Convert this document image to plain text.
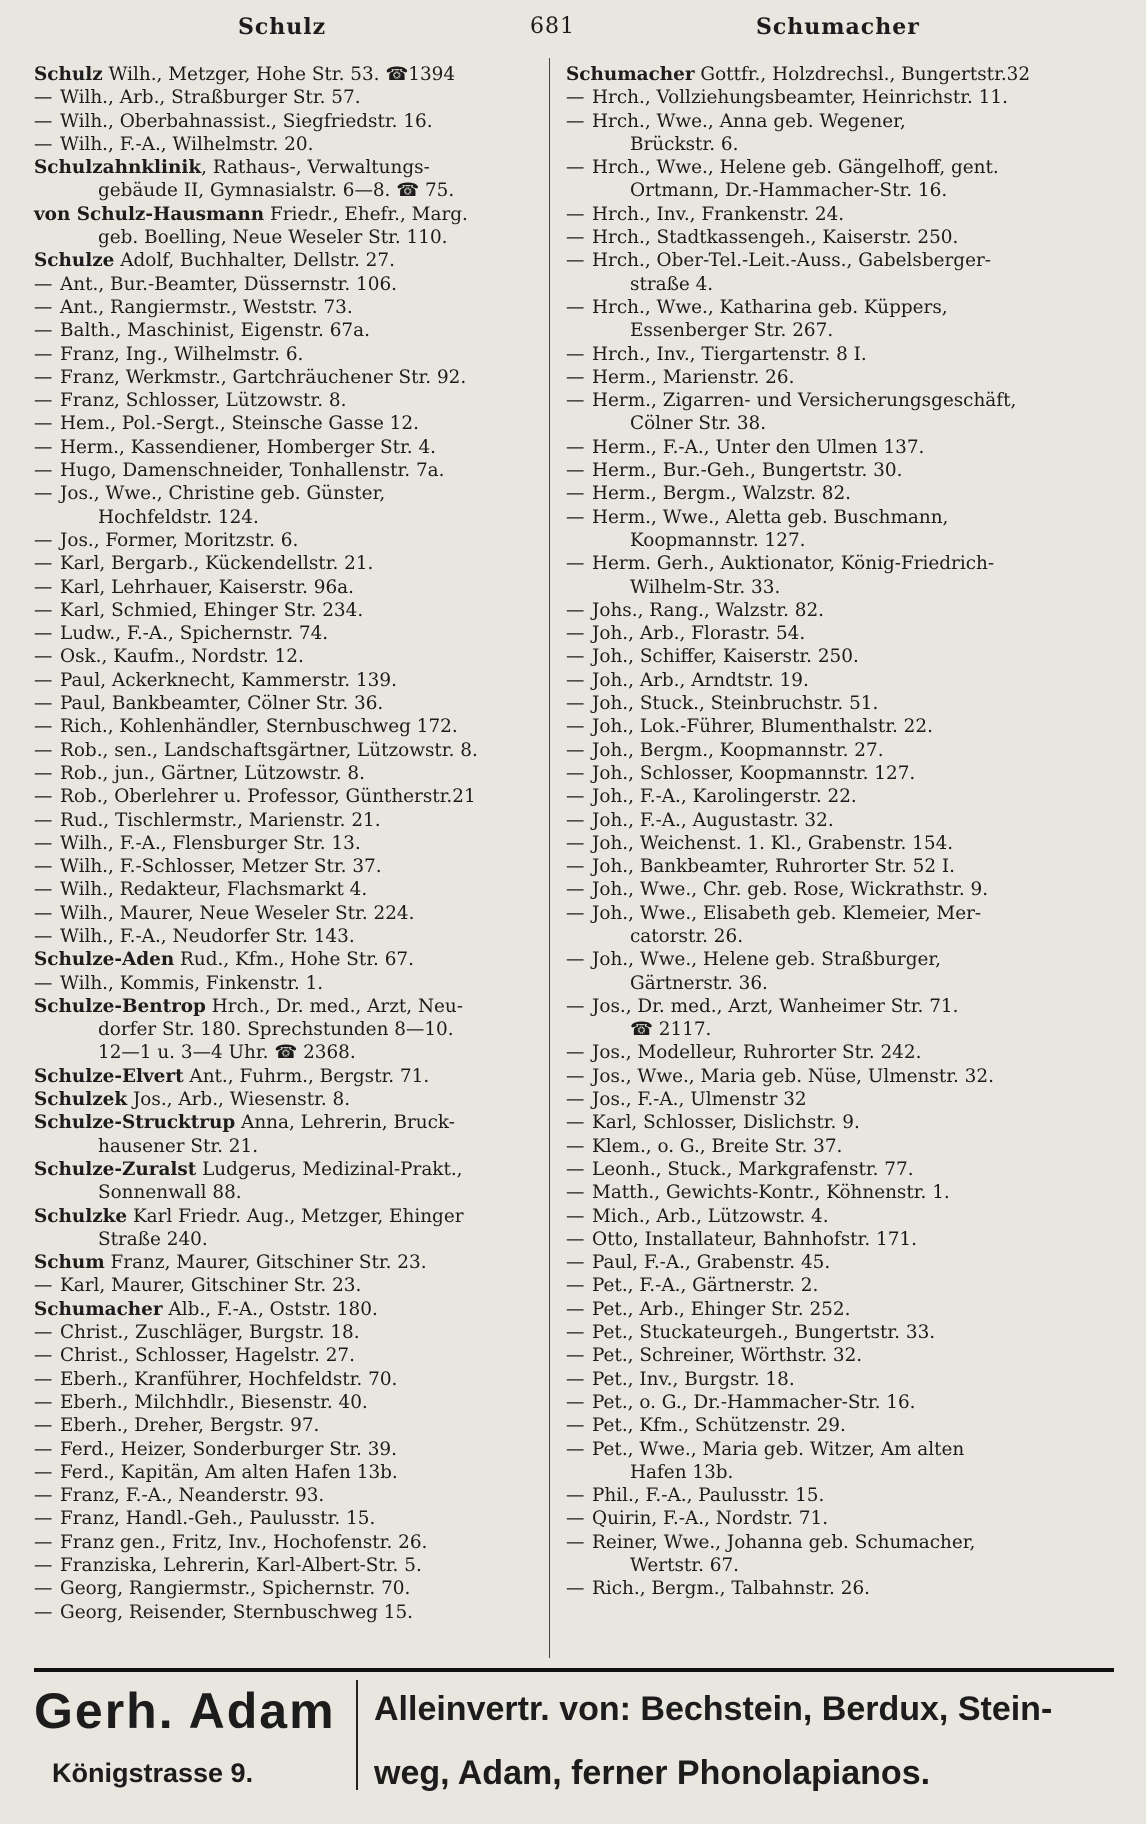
Schulz	681	Schumacher
Schulz Wilh., Metzger, Hohe Str. 53. ☎1394
— Wilh., Arb., Straßburger Str. 57.
— Wilh., Oberbahnassist., Siegfriedstr. 16.
— Wilh., F.-A., Wilhelmstr. 20.
Schulzahnklinik, Rathaus-, Verwaltungs-
gebäude II, Gymnasialstr. 6—8. ☎ 75.
von Schulz-Hausmann Friedr., Ehefr., Marg.
geb. Boelling, Neue Weseler Str. 110.
Schulze Adolf, Buchhalter, Dellstr. 27.
— Ant., Bur.-Beamter, Düssernstr. 106.
— Ant., Rangiermstr., Weststr. 73.
— Balth., Maschinist, Eigenstr. 67a.
— Franz, Ing., Wilhelmstr. 6.
— Franz, Werkmstr., Gartchräuchener Str. 92.
— Franz, Schlosser, Lützowstr. 8.
— Hem., Pol.-Sergt., Steinsche Gasse 12.
— Herm., Kassendiener, Homberger Str. 4.
— Hugo, Damenschneider, Tonhallenstr. 7a.
— Jos., Wwe., Christine geb. Günster,
Hochfeldstr. 124.
— Jos., Former, Moritzstr. 6.
— Karl, Bergarb., Kückendellstr. 21.
— Karl, Lehrhauer, Kaiserstr. 96a.
— Karl, Schmied, Ehinger Str. 234.
— Ludw., F.-A., Spichernstr. 74.
— Osk., Kaufm., Nordstr. 12.
— Paul, Ackerknecht, Kammerstr. 139.
— Paul, Bankbeamter, Cölner Str. 36.
— Rich., Kohlenhändler, Sternbuschweg 172.
— Rob., sen., Landschaftsgärtner, Lützowstr. 8.
— Rob., jun., Gärtner, Lützowstr. 8.
— Rob., Oberlehrer u. Professor, Güntherstr.21
— Rud., Tischlermstr., Marienstr. 21.
— Wilh., F.-A., Flensburger Str. 13.
— Wilh., F.-Schlosser, Metzer Str. 37.
— Wilh., Redakteur, Flachsmarkt 4.
— Wilh., Maurer, Neue Weseler Str. 224.
— Wilh., F.-A., Neudorfer Str. 143.
Schulze-Aden Rud., Kfm., Hohe Str. 67.
— Wilh., Kommis, Finkenstr. 1.
Schulze-Bentrop Hrch., Dr. med., Arzt, Neu-
dorfer Str. 180. Sprechstunden 8—10.
12—1 u. 3—4 Uhr. ☎ 2368.
Schulze-Elvert Ant., Fuhrm., Bergstr. 71.
Schulzek Jos., Arb., Wiesenstr. 8.
Schulze-Strucktrup Anna, Lehrerin, Bruck-
hausener Str. 21.
Schulze-Zuralst Ludgerus, Medizinal-Prakt.,
Sonnenwall 88.
Schulzke Karl Friedr. Aug., Metzger, Ehinger
Straße 240.
Schum Franz, Maurer, Gitschiner Str. 23.
— Karl, Maurer, Gitschiner Str. 23.
Schumacher Alb., F.-A., Oststr. 180.
— Christ., Zuschläger, Burgstr. 18.
— Christ., Schlosser, Hagelstr. 27.
— Eberh., Kranführer, Hochfeldstr. 70.
— Eberh., Milchhdlr., Biesenstr. 40.
— Eberh., Dreher, Bergstr. 97.
— Ferd., Heizer, Sonderburger Str. 39.
— Ferd., Kapitän, Am alten Hafen 13b.
— Franz, F.-A., Neanderstr. 93.
— Franz, Handl.-Geh., Paulusstr. 15.
— Franz gen., Fritz, Inv., Hochofenstr. 26.
— Franziska, Lehrerin, Karl-Albert-Str. 5.
— Georg, Rangiermstr., Spichernstr. 70.
— Georg, Reisender, Sternbuschweg 15.
Schumacher Gottfr., Holzdrechsl., Bungertstr.32
— Hrch., Vollziehungsbeamter, Heinrichstr. 11.
— Hrch., Wwe., Anna geb. Wegener,
Brückstr. 6.
— Hrch., Wwe., Helene geb. Gängelhoff, gent.
Ortmann, Dr.-Hammacher-Str. 16.
— Hrch., Inv., Frankenstr. 24.
— Hrch., Stadtkassengeh., Kaiserstr. 250.
— Hrch., Ober-Tel.-Leit.-Auss., Gabelsberger-
straße 4.
— Hrch., Wwe., Katharina geb. Küppers,
Essenberger Str. 267.
— Hrch., Inv., Tiergartenstr. 8 I.
— Herm., Marienstr. 26.
— Herm., Zigarren- und Versicherungsgeschäft,
Cölner Str. 38.
— Herm., F.-A., Unter den Ulmen 137.
— Herm., Bur.-Geh., Bungertstr. 30.
— Herm., Bergm., Walzstr. 82.
— Herm., Wwe., Aletta geb. Buschmann,
Koopmannstr. 127.
— Herm. Gerh., Auktionator, König-Friedrich-
Wilhelm-Str. 33.
— Johs., Rang., Walzstr. 82.
— Joh., Arb., Florastr. 54.
— Joh., Schiffer, Kaiserstr. 250.
— Joh., Arb., Arndtstr. 19.
— Joh., Stuck., Steinbruchstr. 51.
— Joh., Lok.-Führer, Blumenthalstr. 22.
— Joh., Bergm., Koopmannstr. 27.
— Joh., Schlosser, Koopmannstr. 127.
— Joh., F.-A., Karolingerstr. 22.
— Joh., F.-A., Augustastr. 32.
— Joh., Weichenst. 1. Kl., Grabenstr. 154.
— Joh., Bankbeamter, Ruhrorter Str. 52 I.
— Joh., Wwe., Chr. geb. Rose, Wickrathstr. 9.
— Joh., Wwe., Elisabeth geb. Klemeier, Mer-
catorstr. 26.
— Joh., Wwe., Helene geb. Straßburger,
Gärtnerstr. 36.
— Jos., Dr. med., Arzt, Wanheimer Str. 71.
☎ 2117.
— Jos., Modelleur, Ruhrorter Str. 242.
— Jos., Wwe., Maria geb. Nüse, Ulmenstr. 32.
— Jos., F.-A., Ulmenstr 32
— Karl, Schlosser, Dislichstr. 9.
— Klem., o. G., Breite Str. 37.
— Leonh., Stuck., Markgrafenstr. 77.
— Matth., Gewichts-Kontr., Köhnenstr. 1.
— Mich., Arb., Lützowstr. 4.
— Otto, Installateur, Bahnhofstr. 171.
— Paul, F.-A., Grabenstr. 45.
— Pet., F.-A., Gärtnerstr. 2.
— Pet., Arb., Ehinger Str. 252.
— Pet., Stuckateurgeh., Bungertstr. 33.
— Pet., Schreiner, Wörthstr. 32.
— Pet., Inv., Burgstr. 18.
— Pet., o. G., Dr.-Hammacher-Str. 16.
— Pet., Kfm., Schützenstr. 29.
— Pet., Wwe., Maria geb. Witzer, Am alten
Hafen 13b.
— Phil., F.-A., Paulusstr. 15.
— Quirin, F.-A., Nordstr. 71.
— Reiner, Wwe., Johanna geb. Schumacher,
Wertstr. 67.
— Rich., Bergm., Talbahnstr. 26.
Gerh. Adam
Königstrasse 9.
Alleinvertr. von: Bechstein, Berdux, Stein-
weg, Adam, ferner Phonolapianos.
